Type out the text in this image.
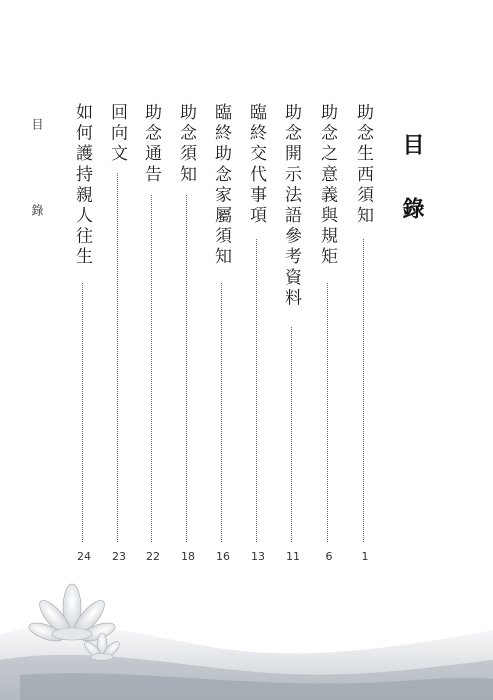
目 錄	目錄
助念生西須知
1
助念之意義與規矩
6
助念開示法語參考資料
11
臨終交代事項
13
臨終助念家屬須知
16
助念須知
18
助念通告
22
回向文
23
如何護持親人往生
24
